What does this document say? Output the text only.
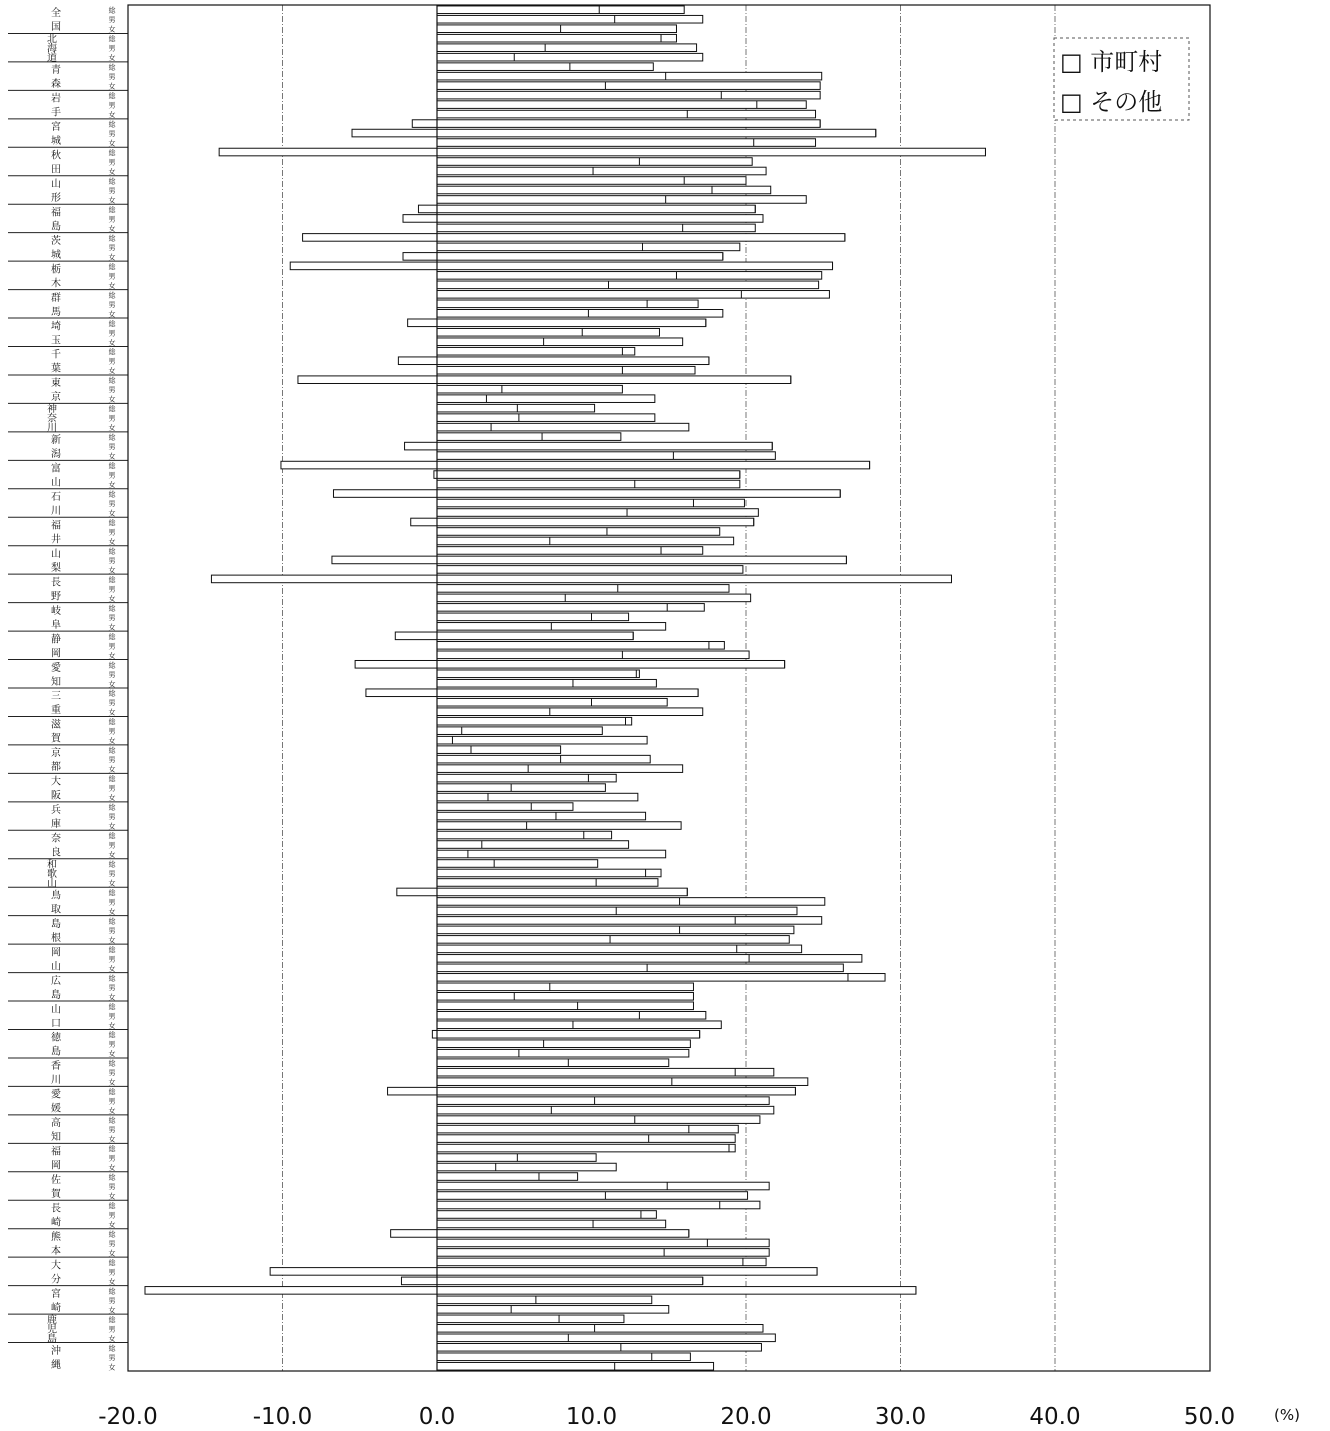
全
国
総
男
女
北
海
道
総
男
女
青
森
総
男
女
岩
手
総
男
女
宮
城
総
男
女
秋
田
総
男
女
山
形
総
男
女
福
島
総
男
女
茨
城
総
男
女
栃
木
総
男
女
群
馬
総
男
女
埼
玉
総
男
女
千
葉
総
男
女
東
京
総
男
女
神
奈
川
総
男
女
新
潟
総
男
女
富
山
総
男
女
石
川
総
男
女
福
井
総
男
女
山
梨
総
男
女
長
野
総
男
女
岐
阜
総
男
女
静
岡
総
男
女
愛
知
総
男
女
三
重
総
男
女
滋
賀
総
男
女
京
都
総
男
女
大
阪
総
男
女
兵
庫
総
男
女
奈
良
総
男
女
和
歌
山
総
男
女
鳥
取
総
男
女
島
根
総
男
女
岡
山
総
男
女
広
島
総
男
女
山
口
総
男
女
徳
島
総
男
女
香
川
総
男
女
愛
媛
総
男
女
高
知
総
男
女
福
岡
総
男
女
佐
賀
総
男
女
長
崎
総
男
女
熊
本
総
男
女
大
分
総
男
女
宮
崎
総
男
女
鹿
児
島
総
男
女
沖
縄
総
男
女
-20.0	-10.0	0.0	10.0	20.0	30.0	40.0	50.0
□ 市町村
□ その他
(%)
